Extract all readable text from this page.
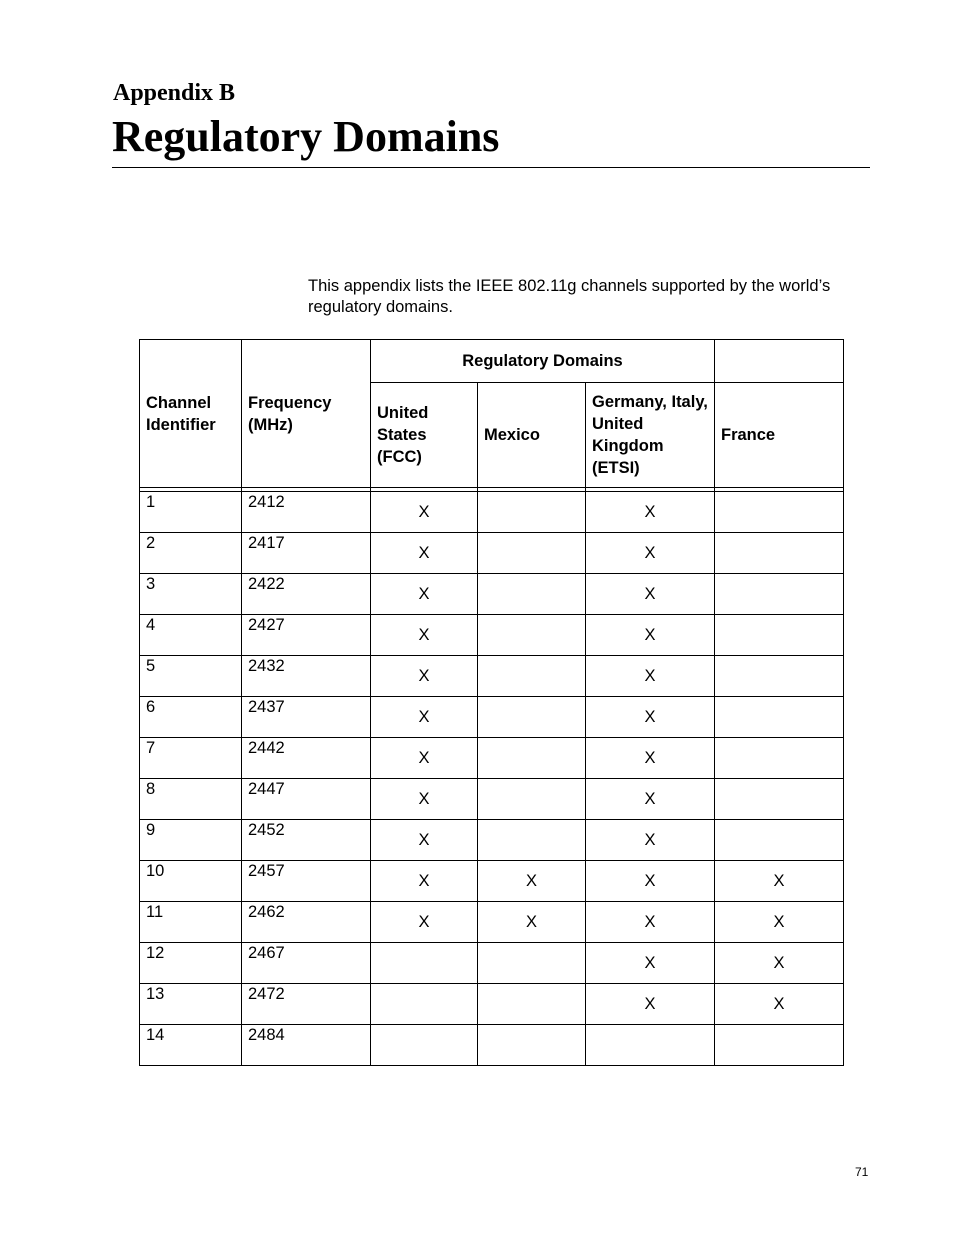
Appendix B
Regulatory Domains

This appendix lists the IEEE 802.11g channels supported by the world’s regulatory domains.

Channel Identifier	Frequency (MHz)	Regulatory Domains			
		United States (FCC)	Mexico	Germany, Italy, United Kingdom (ETSI)	France

1	2412	X		X	
2	2417	X		X	
3	2422	X		X	
4	2427	X		X	
5	2432	X		X	
6	2437	X		X	
7	2442	X		X	
8	2447	X		X	
9	2452	X		X	
10	2457	X	X	X	X
11	2462	X	X	X	X
12	2467			X	X
13	2472			X	X
14	2484				
71
